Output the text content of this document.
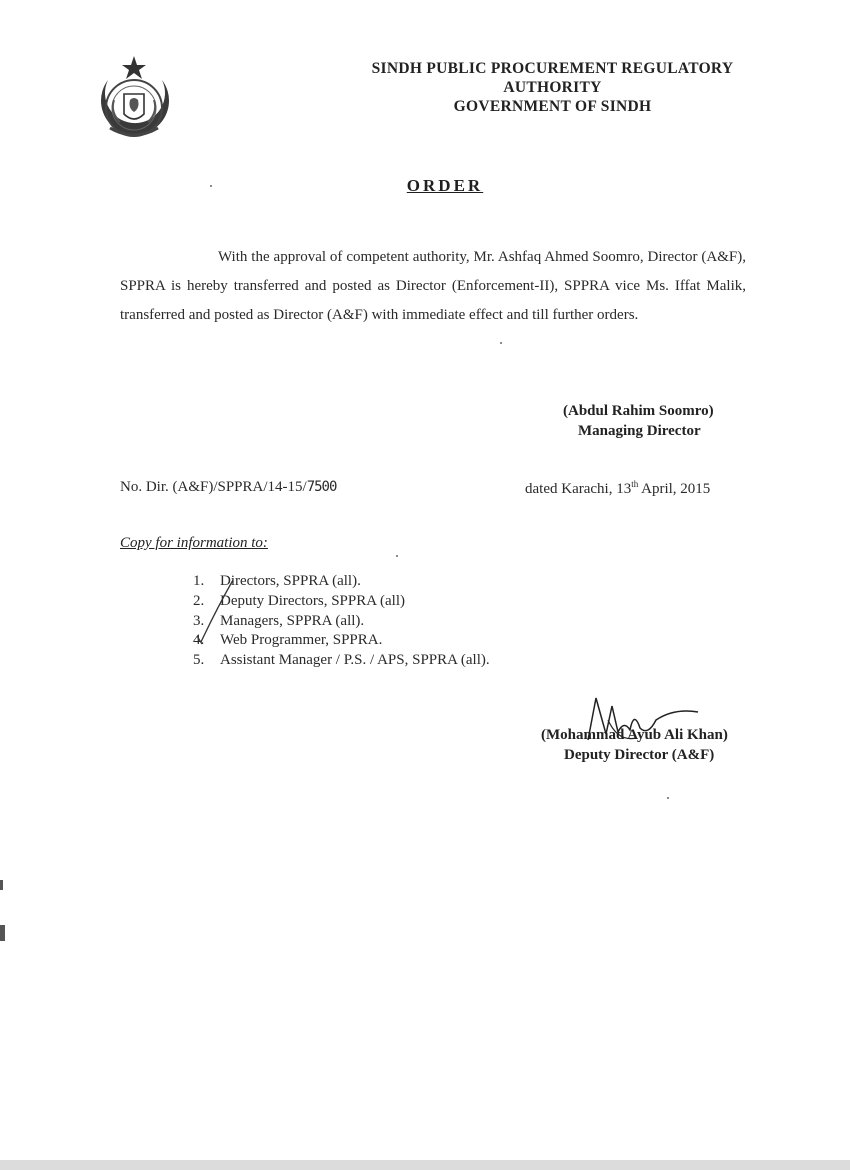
SINDH PUBLIC PROCUREMENT REGULATORY
AUTHORITY
GOVERNMENT OF SINDH
ORDER
With the approval of competent authority, Mr. Ashfaq Ahmed Soomro, Director (A&F), SPPRA is hereby transferred and posted as Director (Enforcement-II), SPPRA vice Ms. Iffat Malik, transferred and posted as Director (A&F) with immediate effect and till further orders.
(Abdul Rahim Soomro)
Managing Director
No. Dir. (A&F)/SPPRA/14-15/7500	dated Karachi, 13th April, 2015
Copy for information to:
1. Directors, SPPRA (all).
2. Deputy Directors, SPPRA (all)
3. Managers, SPPRA (all).
4. Web Programmer, SPPRA.
5. Assistant Manager / P.S. / APS, SPPRA (all).
(Mohammad Ayub Ali Khan)
Deputy Director (A&F)
